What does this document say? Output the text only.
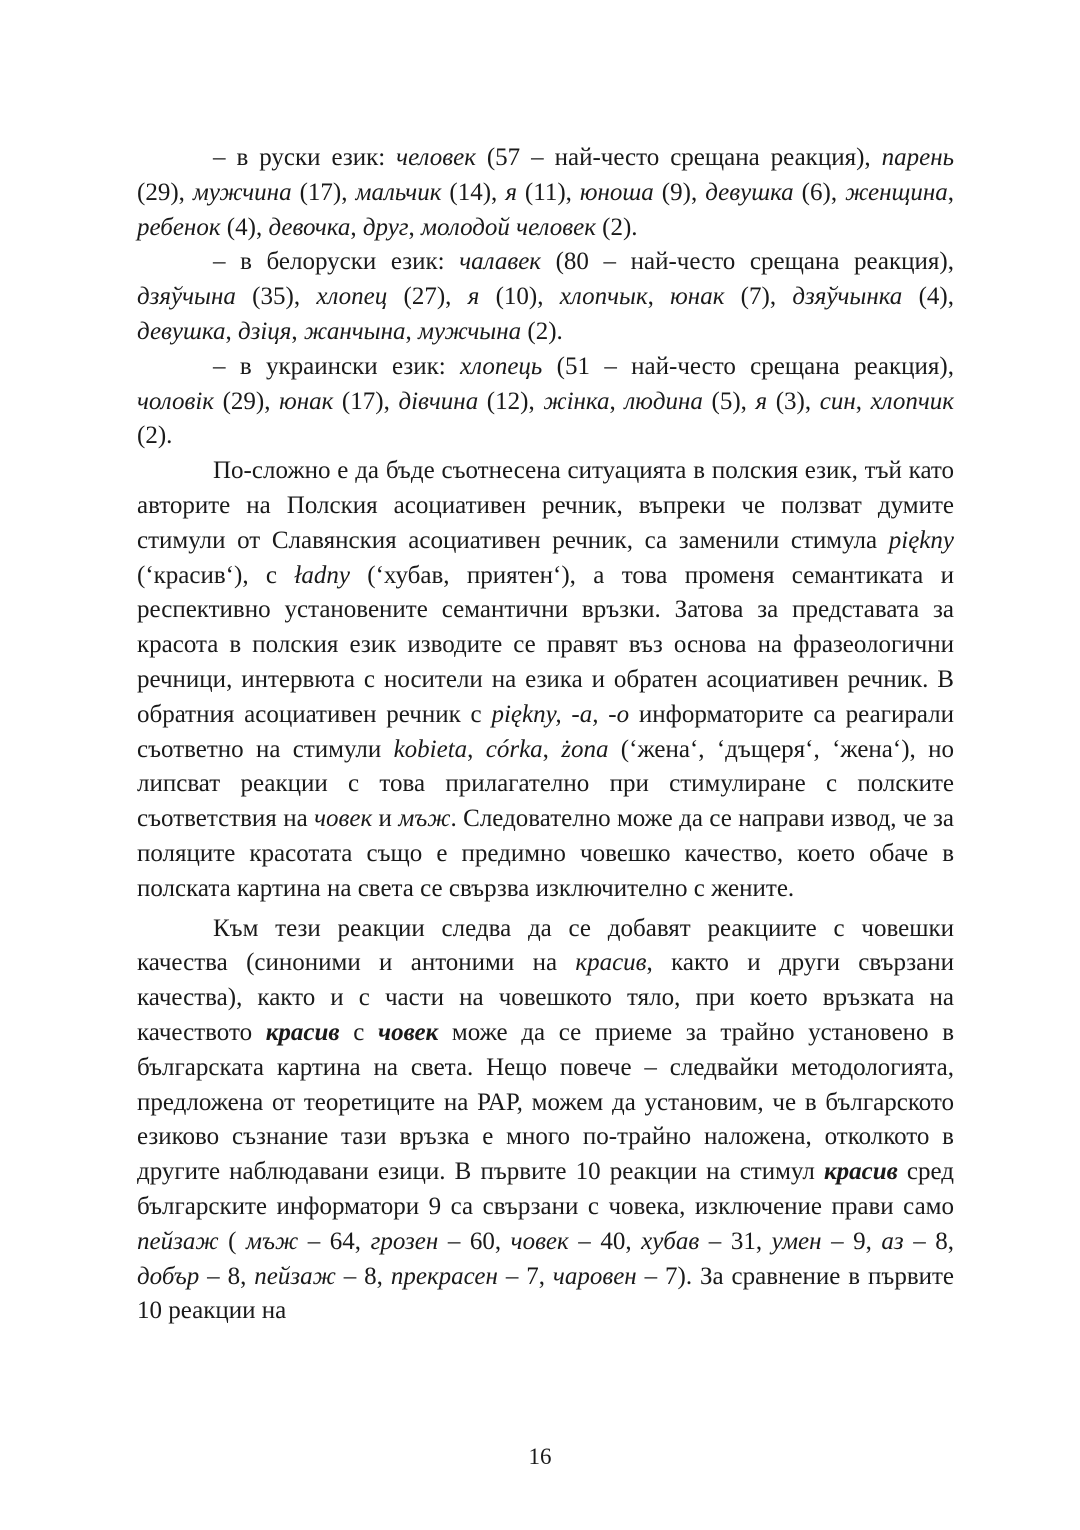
– в руски език: человек (57 – най-често срещана реакция), парень (29), мужчина (17), мальчик (14), я (11), юноша (9), девушка (6), женщина, ребенок (4), девочка, друг, молодой человек (2).

– в белоруски език: чалавек (80 – най-често срещана реакция), дзяўчына (35), хлопец (27), я (10), хлопчык, юнак (7), дзяўчынка (4), девушка, дзіця, жанчына, мужчына (2).

– в украински език: хлопець (51 – най-често срещана реакция), чоловік (29), юнак (17), дівчина (12), жінка, людина (5), я (3), син, хлопчик (2).

По-сложно е да бъде съотнесена ситуацията в полския език, тъй като авторите на Полския асоциативен речник, въпреки че ползват думите стимули от Славянския асоциативен речник, са заменили стимула piękny (‘красив‘), с ładny (‘хубав, приятен‘), а това променя семантиката и респективно установените семантични връзки. Затова за представата за красота в полския език изводите се правят въз основа на фразеологични речници, интервюта с носители на езика и обратен асоциативен речник. В обратния асоциативен речник с piękny, -a, -o информаторите са реагирали съответно на стимули kobieta, córka, żona (‘жена‘, ‘дъщеря‘, ‘жена‘), но липсват реакции с това прилагателно при стимулиране с полските съответствия на човек и мъж. Следователно може да се направи извод, че за поляците красотата също е предимно човешко качество, което обаче в полската картина на света се свързва изключително с жените.

Към тези реакции следва да се добавят реакциите с човешки качества (синоними и антоними на красив, както и други свързани качества), както и с части на човешкото тяло, при което връзката на качеството красив с човек може да се приеме за трайно установено в българската картина на света. Нещо повече – следвайки методологията, предложена от теоретиците на РАР, можем да установим, че в българското езиково съзнание тази връзка е много по-трайно наложена, отколкото в другите наблюдавани езици. В първите 10 реакции на стимул красив сред българските информатори 9 са свързани с човека, изключение прави само пейзаж ( мъж – 64, грозен – 60, човек – 40, хубав – 31, умен – 9, аз – 8, добър – 8, пейзаж – 8, прекрасен – 7, чаровен – 7). За сравнение в първите 10 реакции на

16
